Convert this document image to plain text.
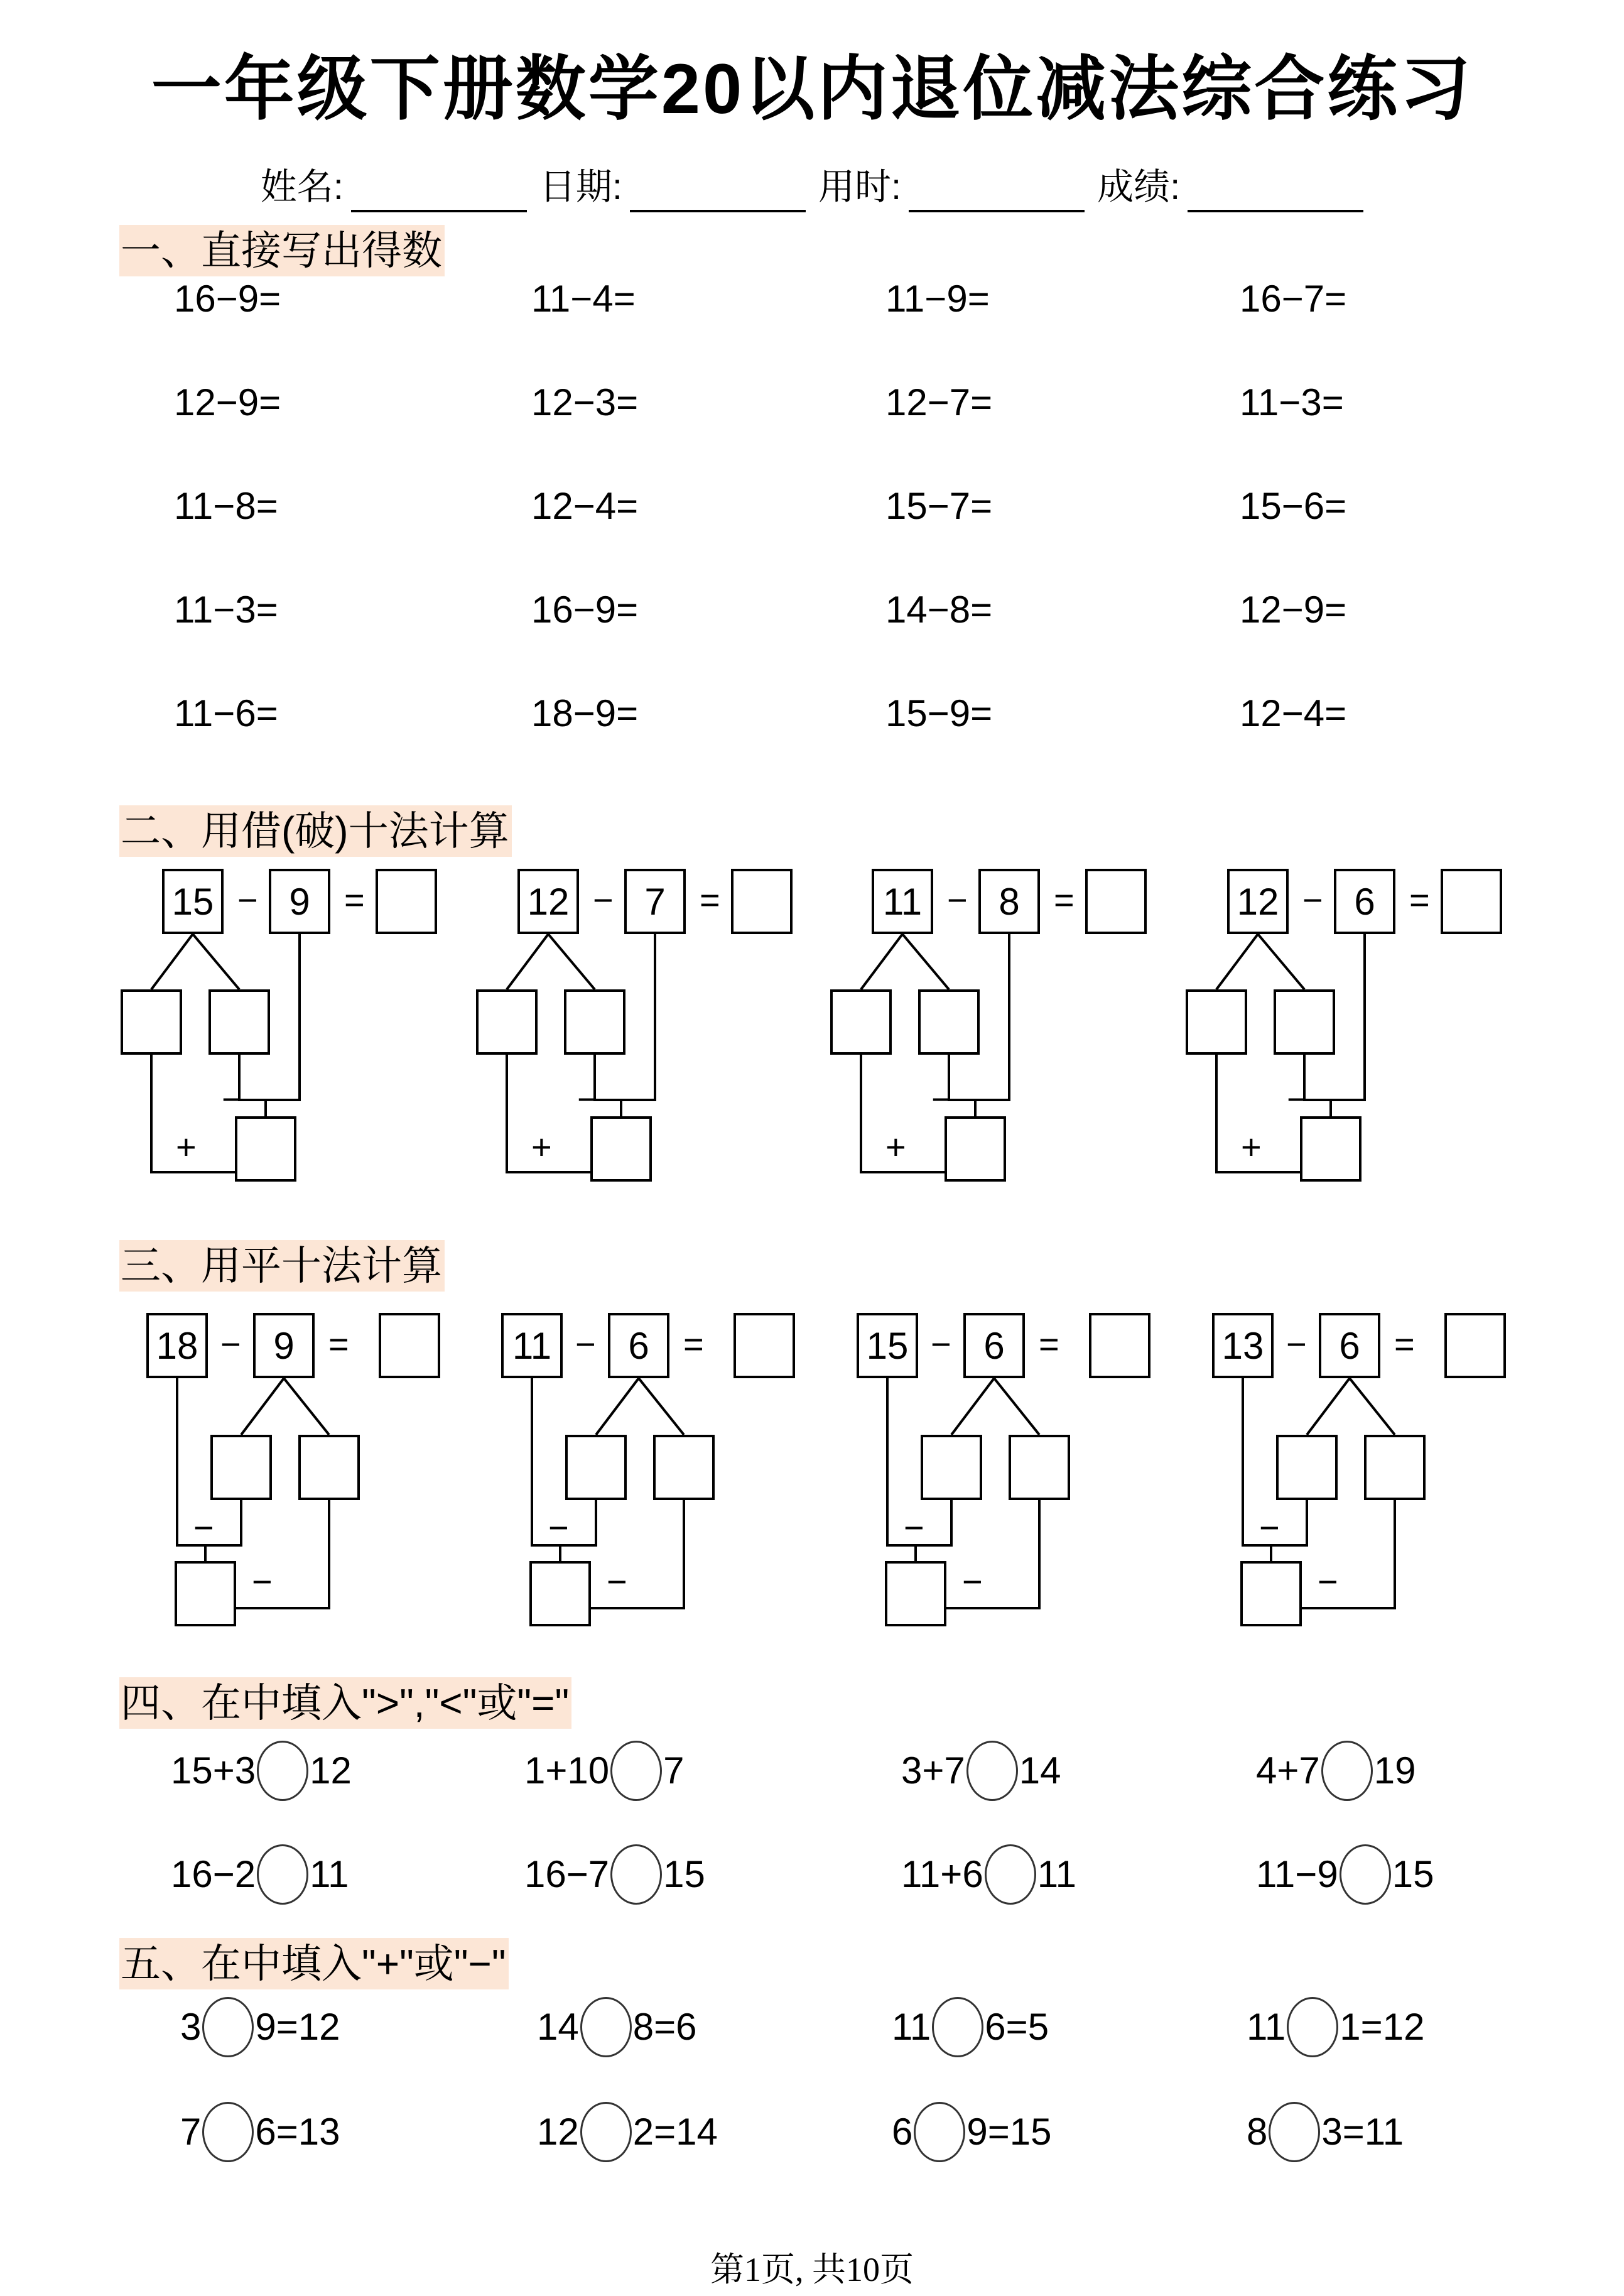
一年级下册数学20以内退位减法综合练习
姓名:	日期:	用时:	成绩:
一、直接写出得数
16−9=	11−4=	11−9=	16−7=
12−9=	12−3=	12−7=	11−3=
11−8=	12−4=	15−7=	15−6=
11−3=	16−9=	14−8=	12−9=
11−6=	18−9=	15−9=	12−4=
二、用借(破)十法计算
15 − 9 =
−
+
12 − 7 =
−
+
11 − 8 =
−
+
12 − 6 =
−
+
三、用平十法计算
18 − 9 =
−
−
11 − 6 =
−
−
15 − 6 =
−
−
13 − 6 =
−
−
四、在中填入">","<"或"="
15+3 12	1+10 7	3+7 14	4+7 19
16−2 11	16−7 15	11+6 11	11−9 15
五、在中填入"+"或"−"
3 9=12	14 8=6	11 6=5	11 1=12
7 6=13	12 2=14	6 9=15	8 3=11
第1页, 共10页
